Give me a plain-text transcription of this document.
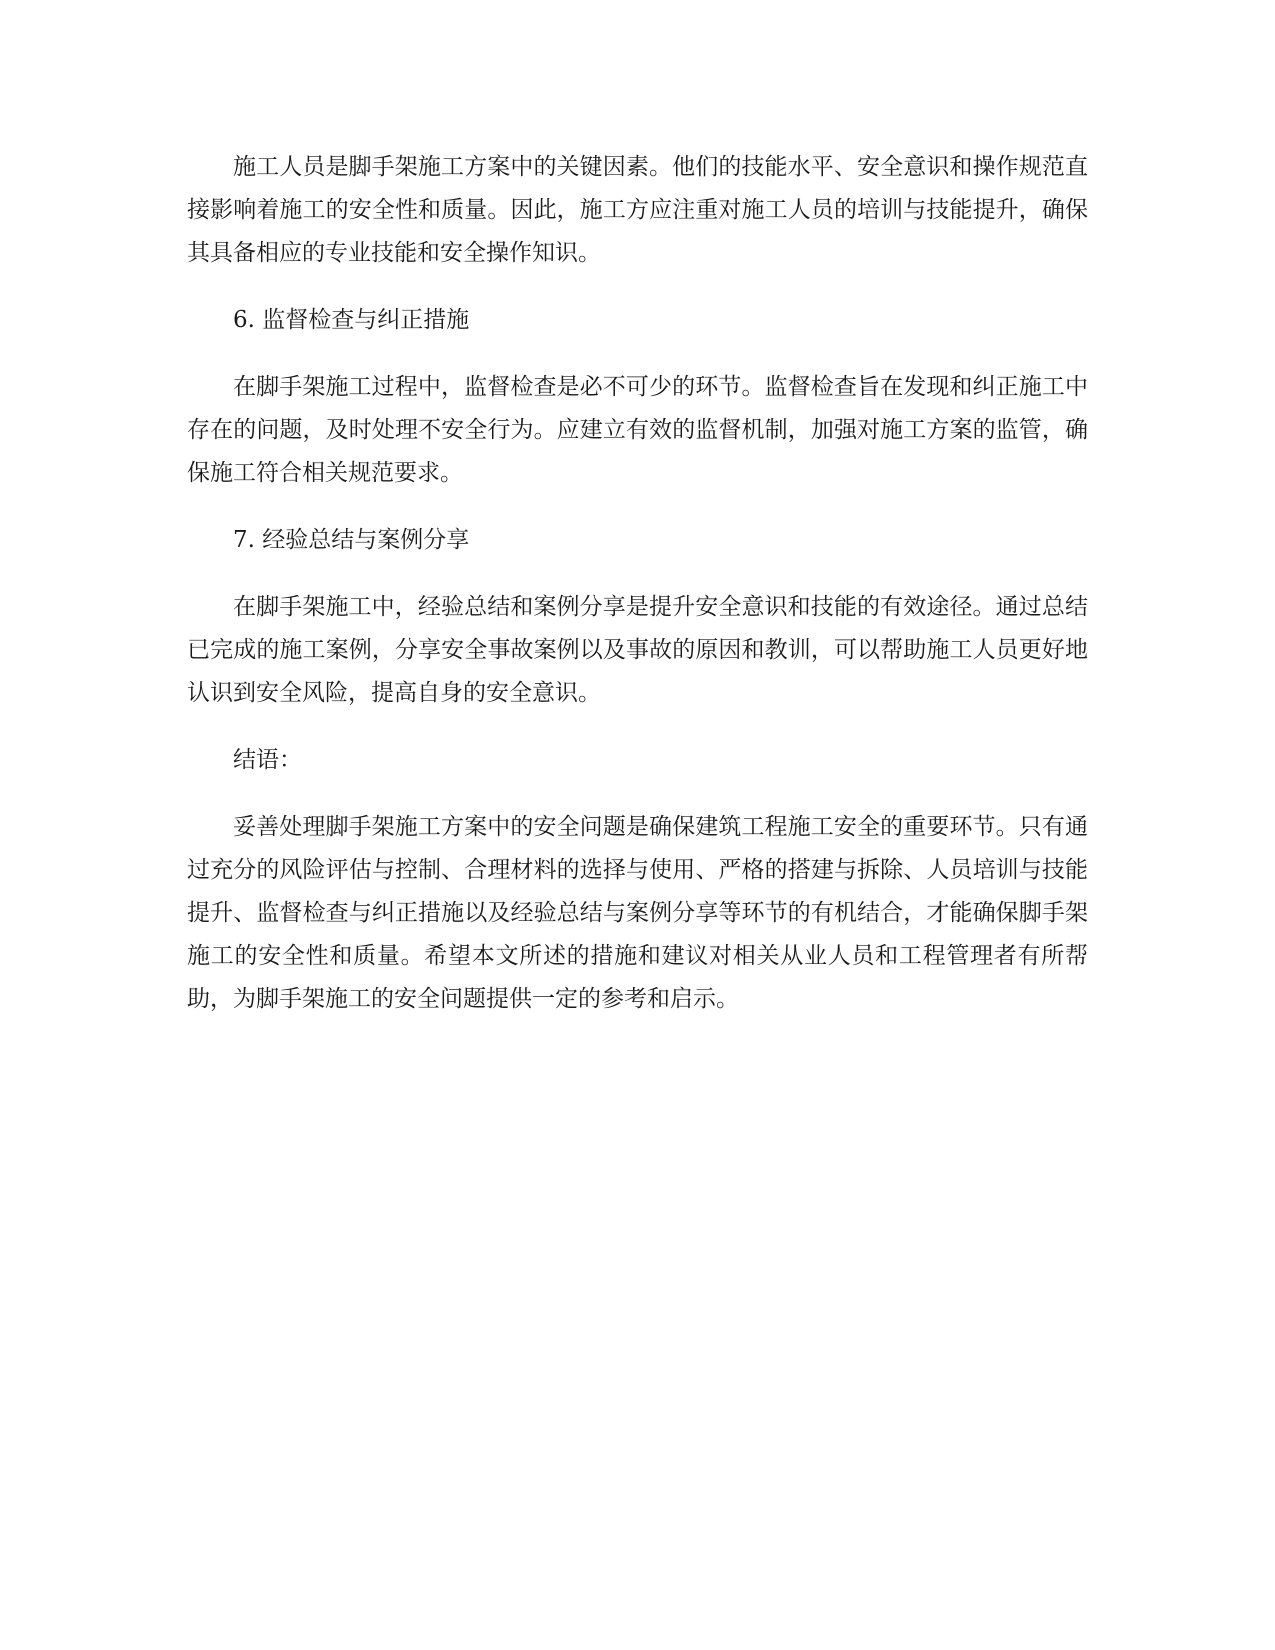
施工人员是脚手架施工方案中的关键因素。他们的技能水平、安全意识和操作规范直接影响着施工的安全性和质量。因此，施工方应注重对施工人员的培训与技能提升，确保其具备相应的专业技能和安全操作知识。

6. 监督检查与纠正措施

在脚手架施工过程中，监督检查是必不可少的环节。监督检查旨在发现和纠正施工中存在的问题，及时处理不安全行为。应建立有效的监督机制，加强对施工方案的监管，确保施工符合相关规范要求。

7. 经验总结与案例分享

在脚手架施工中，经验总结和案例分享是提升安全意识和技能的有效途径。通过总结已完成的施工案例，分享安全事故案例以及事故的原因和教训，可以帮助施工人员更好地认识到安全风险，提高自身的安全意识。

结语：

妥善处理脚手架施工方案中的安全问题是确保建筑工程施工安全的重要环节。只有通过充分的风险评估与控制、合理材料的选择与使用、严格的搭建与拆除、人员培训与技能提升、监督检查与纠正措施以及经验总结与案例分享等环节的有机结合，才能确保脚手架施工的安全性和质量。希望本文所述的措施和建议对相关从业人员和工程管理者有所帮助，为脚手架施工的安全问题提供一定的参考和启示。
